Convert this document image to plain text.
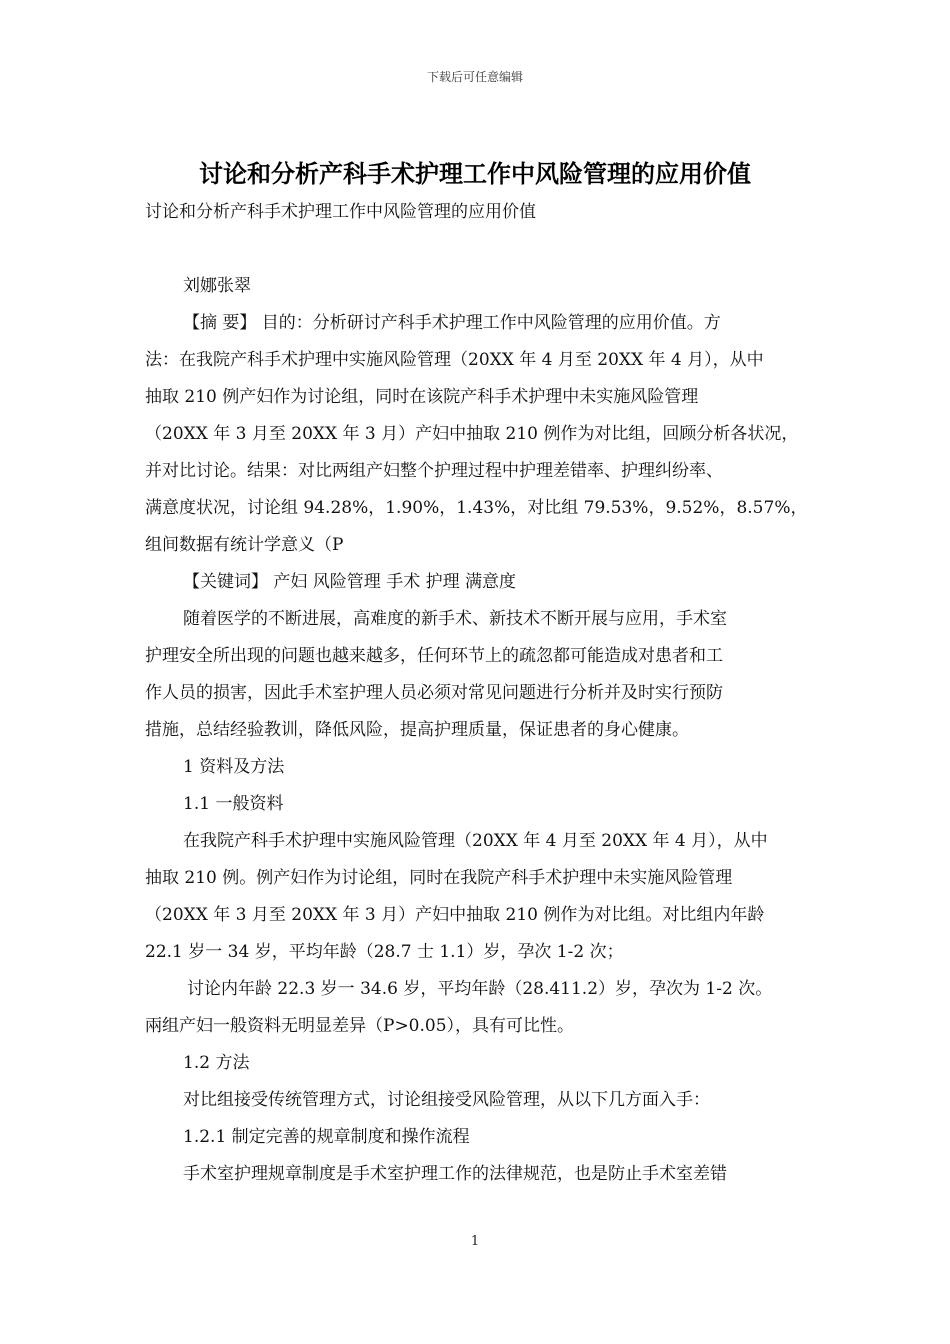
下载后可任意编辑
讨论和分析产科手术护理工作中风险管理的应用价值
讨论和分析产科手术护理工作中风险管理的应用价值
刘娜张翠
【摘 要】 目的：分析研讨产科手术护理工作中风险管理的应用价值。方
法：在我院产科手术护理中实施风险管理（20XX 年 4 月至 20XX 年 4 月），从中
抽取 210 例产妇作为讨论组，同时在该院产科手术护理中未实施风险管理
（20XX 年 3 月至 20XX 年 3 月）产妇中抽取 210 例作为对比组，回顾分析各状况，
并对比讨论。结果：对比两组产妇整个护理过程中护理差错率、护理纠纷率、
满意度状况，讨论组 94.28%，1.90%，1.43%，对比组 79.53%，9.52%，8.57%，
组间数据有统计学意义（P
【关键词】 产妇 风险管理 手术 护理 满意度
随着医学的不断进展，高难度的新手术、新技术不断开展与应用，手术室
护理安全所出现的问题也越来越多，任何环节上的疏忽都可能造成对患者和工
作人员的损害，因此手术室护理人员必须对常见问题进行分析并及时实行预防
措施，总结经验教训，降低风险，提高护理质量，保证患者的身心健康。
1 资料及方法
1.1 一般资料
在我院产科手术护理中实施风险管理（20XX 年 4 月至 20XX 年 4 月），从中
抽取 210 例。例产妇作为讨论组，同时在我院产科手术护理中未实施风险管理
（20XX 年 3 月至 20XX 年 3 月）产妇中抽取 210 例作为对比组。对比组内年龄
22.1 岁一 34 岁，平均年龄（28.7 士 1.1）岁，孕次 1-2 次；
讨论内年龄 22.3 岁一 34.6 岁，平均年龄（28.411.2）岁，孕次为 1-2 次。
兩组产妇一般资料无明显差异（P>0.05），具有可比性。
1.2 方法
对比组接受传统管理方式，讨论组接受风险管理，从以下几方面入手：
1.2.1 制定完善的规章制度和操作流程
手术室护理规章制度是手术室护理工作的法律规范，也是防止手术室差错
1
